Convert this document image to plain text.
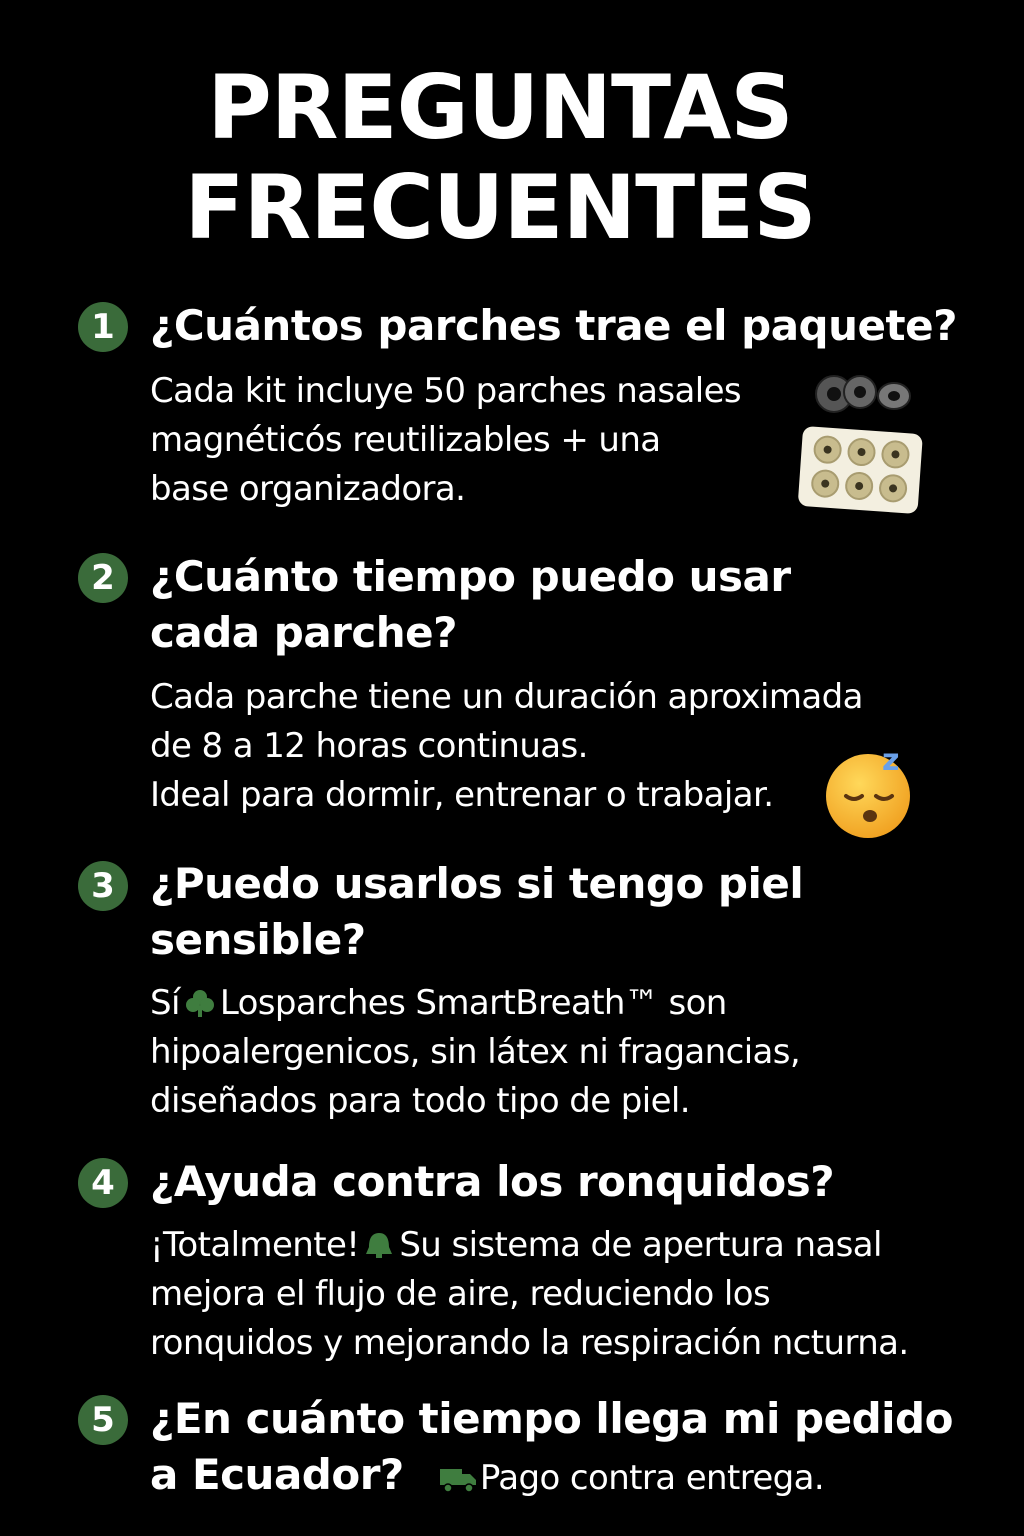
PREGUNTAS
FRECUENTES
1 ¿Cuántos parches trae el paquete?
Cada kit incluye 50 parches nasales
magnéticós reutilizables + una
base organizadora.
2 ¿Cuánto tiempo puedo usar
cada parche?
Cada parche tiene un duración aproximada
de 8 a 12 horas continuas.
Ideal para dormir, entrenar o trabajar.
z
3 ¿Puedo usarlos si tengo piel
sensible?
Sí Losparches SmartBreath™ son
hipoalergenicos, sin látex ni fragancias,
diseñados para todo tipo de piel.
4 ¿Ayuda contra los ronquidos?
¡Totalmente! Su sistema de apertura nasal
mejora el flujo de aire, reduciendo los
ronquidos y mejorando la respiración ncturna.
5 ¿En cuánto tiempo llega mi pedido
a Ecuador? Pago contra entrega.
